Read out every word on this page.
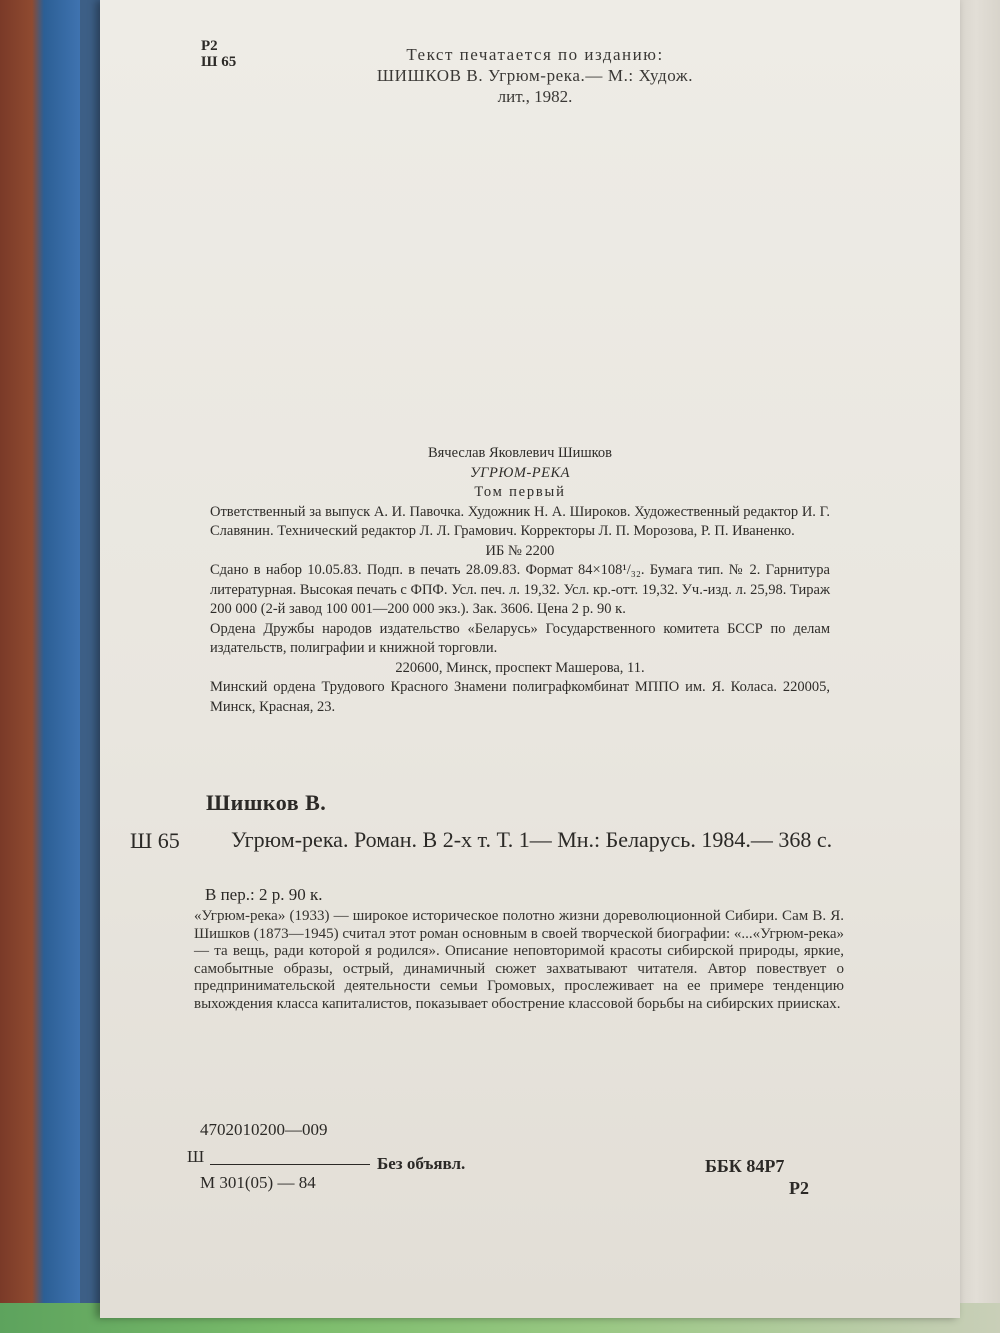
Р2
Ш 65	Текст печатается по изданию:
ШИШКОВ В. Угрюм-река.— М.: Худож.
лит., 1982.
Вячеслав Яковлевич Шишков
УГРЮМ-РЕКА
Том первый
Ответственный за выпуск А. И. Павочка. Художник Н. А. Широков. Художественный редактор И. Г. Славянин. Технический редактор Л. Л. Грамович. Корректоры Л. П. Морозова, Р. П. Иваненко.
ИБ № 2200
Сдано в набор 10.05.83. Подп. в печать 28.09.83. Формат 84×108¹/₃₂. Бумага тип. № 2. Гарнитура литературная. Высокая печать с ФПФ. Усл. печ. л. 19,32. Усл. кр.-отт. 19,32. Уч.-изд. л. 25,98. Тираж 200 000 (2-й завод 100 001—200 000 экз.). Зак. 3606. Цена 2 р. 90 к.
Ордена Дружбы народов издательство «Беларусь» Государственного комитета БССР по делам издательств, полиграфии и книжной торговли.
220600, Минск, проспект Машерова, 11.
Минский ордена Трудового Красного Знамени полиграфкомбинат МППО им. Я. Коласа. 220005, Минск, Красная, 23.
Шишков В.
Ш 65 Угрюм-река. Роман. В 2-х т. Т. 1— Мн.: Беларусь. 1984.— 368 с.
В пер.: 2 р. 90 к.
«Угрюм-река» (1933) — широкое историческое полотно жизни дореволюционной Сибири. Сам В. Я. Шишков (1873—1945) считал этот роман основным в своей творческой биографии: «...«Угрюм-река» — та вещь, ради которой я родился». Описание неповторимой красоты сибирской природы, яркие, самобытные образы, острый, динамичный сюжет захватывают читателя. Автор повествует о предпринимательской деятельности семьи Громовых, прослеживает на ее примере тенденцию выхождения класса капиталистов, показывает обострение классовой борьбы на сибирских приисках.
4702010200—009
Ш
М 301(05) — 84
Без объявл.	ББК 84Р7
Р2
